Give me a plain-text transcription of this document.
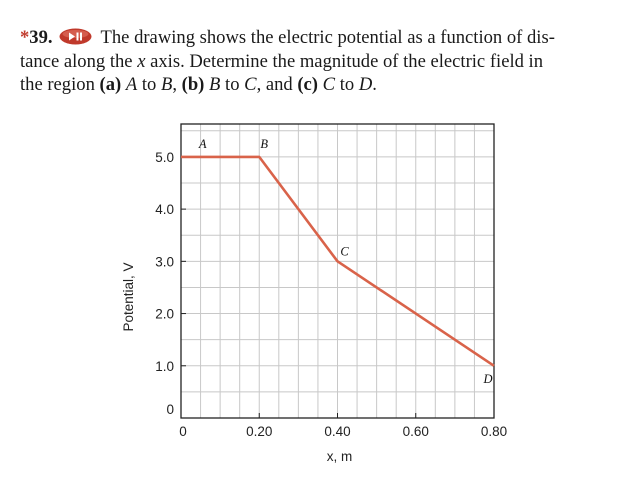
*39.	The drawing shows the electric potential as a function of dis-
tance along the x axis. Determine the magnitude of the electric field in
the region (a) A to B, (b) B to C, and (c) C to D.
0	0.20	0.40	0.60	0.80
0
1.0
2.0
3.0
4.0
5.0
A	B
C
D
x, m
Potential, V
